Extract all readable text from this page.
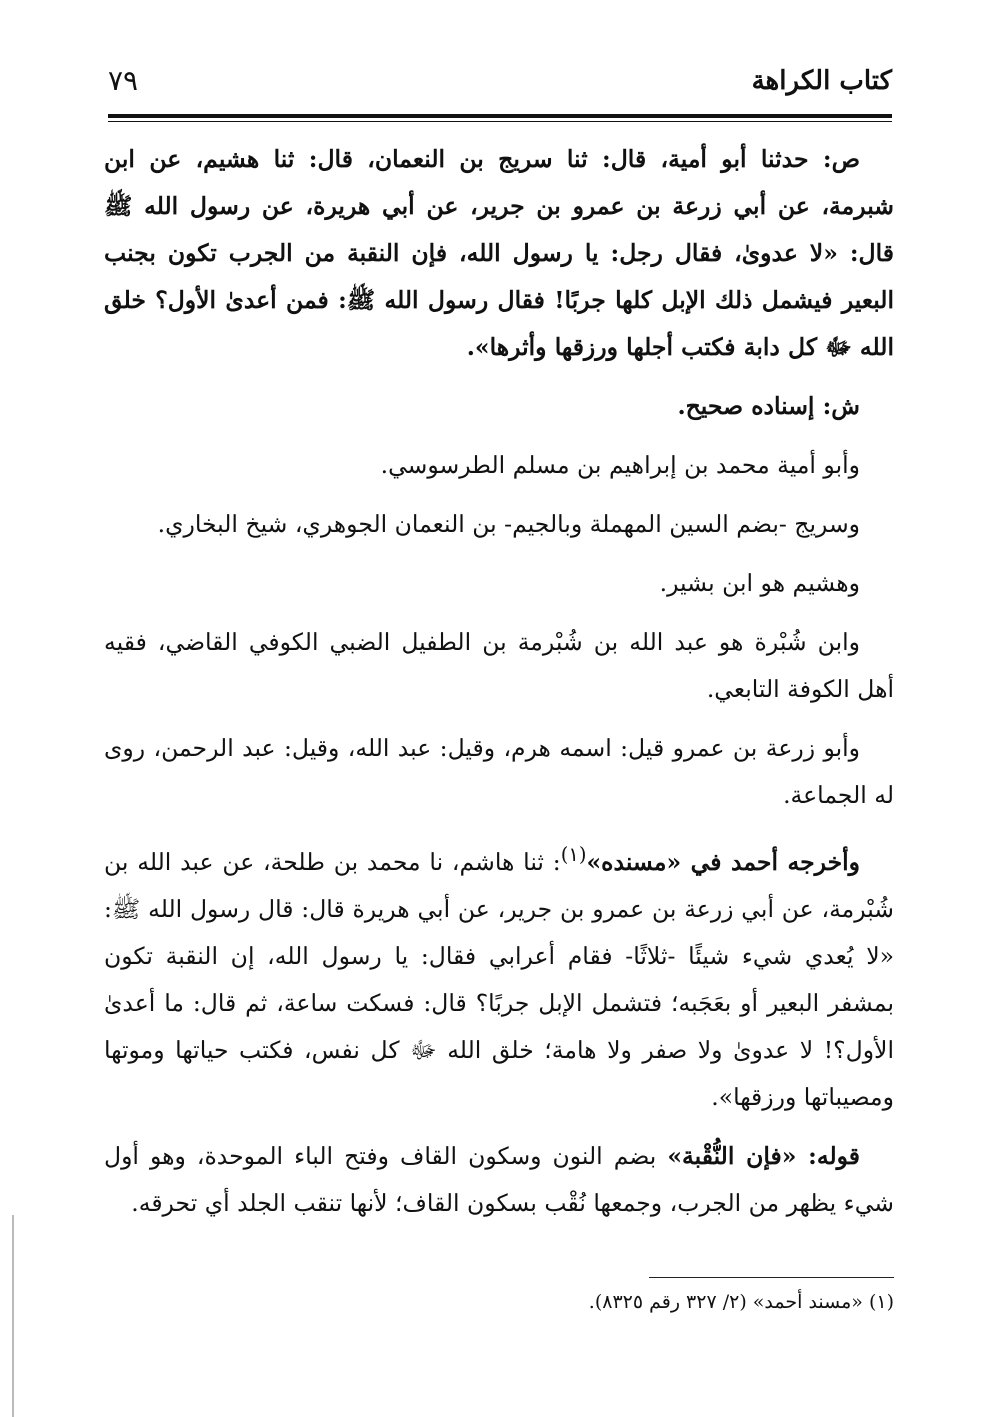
كتاب الكراهة
٧٩

ص: حدثنا أبو أمية، قال: ثنا سريج بن النعمان، قال: ثنا هشيم، عن ابن شبرمة، عن أبي زرعة بن عمرو بن جرير، عن أبي هريرة، عن رسول الله ﷺ قال: «لا عدوىٰ، فقال رجل: يا رسول الله، فإن النقبة من الجرب تكون بجنب البعير فيشمل ذلك الإبل كلها جربًا! فقال رسول الله ﷺ: فمن أعدىٰ الأول؟ خلق الله ﷻ كل دابة فكتب أجلها ورزقها وأثرها».

ش: إسناده صحيح.

وأبو أمية محمد بن إبراهيم بن مسلم الطرسوسي.

وسريج -بضم السين المهملة وبالجيم- بن النعمان الجوهري، شيخ البخاري.

وهشيم هو ابن بشير.

وابن شُبْرة هو عبد الله بن شُبْرمة بن الطفيل الضبي الكوفي القاضي، فقيه أهل الكوفة التابعي.

وأبو زرعة بن عمرو قيل: اسمه هرم، وقيل: عبد الله، وقيل: عبد الرحمن، روى له الجماعة.

وأخرجه أحمد في «مسنده»$^{(١)}$: ثنا هاشم، نا محمد بن طلحة، عن عبد الله بن شُبْرمة، عن أبي زرعة بن عمرو بن جرير، عن أبي هريرة قال: قال رسول الله ﷺ: «لا يُعدي شيء شيئًا -ثلاثًا- فقام أعرابي فقال: يا رسول الله، إن النقبة تكون بمشفر البعير أو بعَجَبه؛ فتشمل الإبل جربًا؟ قال: فسكت ساعة، ثم قال: ما أعدىٰ الأول؟! لا عدوىٰ ولا صفر ولا هامة؛ خلق الله ﷻ كل نفس، فكتب حياتها وموتها ومصيباتها ورزقها».

قوله: «فإن النُّقْبة» بضم النون وسكون القاف وفتح الباء الموحدة، وهو أول شيء يظهر من الجرب، وجمعها نُقْب بسكون القاف؛ لأنها تنقب الجلد أي تحرقه.

(١) «مسند أحمد» (٢/ ٣٢٧ رقم ٨٣٢٥).
